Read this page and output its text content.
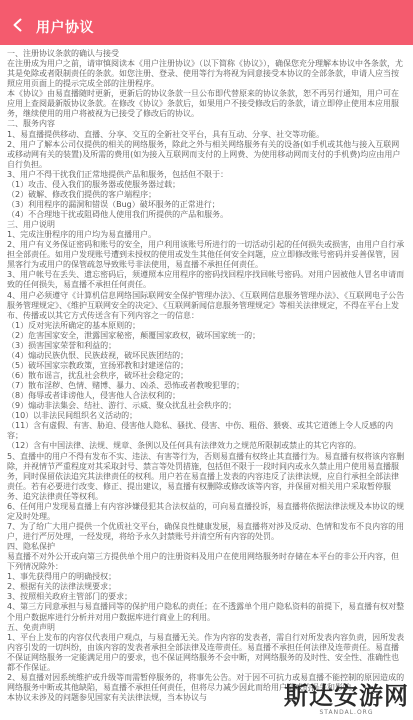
用户协议

一、注册协议条款的确认与接受

在注册成为用户之前，请审慎阅读本《用户注册协议》（以下简称《协议》），确保您充分理解本协议中各条款，尤其是免除或者限制责任的条款。如您注册、登录、使用等行为将视为同意接受本协议的全部条款，申请人应当按照应用页面上的提示完成全部的注册程序。

本《协议》由易直播随时更新，更新后的协议条款一旦公布即代替原来的协议条款，恕不再另行通知，用户可在应用上查阅最新版协议条款。在修改《协议》条款后，如果用户不接受修改后的条款，请立即停止使用本应用服务，继续使用的用户将被视为已接受了修改后的协议。

二、服务内容

1、易直播提供移动、直播、分享、交互的全新社交平台，具有互动、分享、社交等功能。

2、用户了解本公司仅提供的相关的网络服务，除此之外与相关网络服务有关的设备(如手机或其他与接入互联网或移动网有关的装置)及所需的费用(如为接入互联网而支付的上网费、为使用移动网而支付的手机费)均应由用户自行负担。

3、用户不得干扰我们正常地提供产品和服务，包括但不限于：

（1）攻击、侵入我们的服务器或使服务器过载；

（2）破解、修改我们提供的客户端程序；

（3）利用程序的漏洞和错误（Bug）破坏服务的正常进行；

（4）不合理地干扰或阻碍他人使用我们所提供的产品和服务。

三、用户说明

1、完成注册程序的用户均为易直播用户。

2、用户有义务保证密码和账号的安全，用户利用该账号所进行的一切活动引起的任何损失或损害，由用户自行承担全部责任。如用户发现账号遭到未授权的使用或发生其他任何安全问题，应立即修改账号密码并妥善保管，因黑客行为或用户的保管疏忽导致账号非法使用，易直播不承担任何责任。

3、用户帐号在丢失、遗忘密码后，须遵照本应用程序的密码找回程序找回帐号密码。对用户因被他人冒名申请而致的任何损失，易直播不承担任何责任。

4、用户必须遵守《计算机信息网络国际联网安全保护管理办法》、《互联网信息服务管理办法》、《互联网电子公告服务管理规定》、《维护互联网安全的决定》、《互联网新闻信息服务管理规定》等相关法律规定，不得在平台上发布、传播或以其它方式传送含有下列内容之一的信息：

（1）反对宪法所确定的基本原则的；

（2）危害国家安全，泄露国家秘密，颠覆国家政权，破坏国家统一的；

（3）损害国家荣誉和利益的；

（4）煽动民族仇恨、民族歧视，破坏民族团结的；

（5）破坏国家宗教政策，宣扬邪教和封建迷信的；

（6）散布谣言，扰乱社会秩序，破坏社会稳定的；

（7）散布淫秽、色情、赌博、暴力、凶杀、恐怖或者教唆犯罪的；

（8）侮辱或者诽谤他人，侵害他人合法权利的；

（9）煽动非法集会、结社、游行、示威、聚众扰乱社会秩序的；

（10）以非法民间组织名义活动的；

（11）含有虚假、有害、胁迫、侵害他人隐私、骚扰、侵害、中伤、粗俗、猥亵、或其它道德上令人反感的内容；

（12）含有中国法律、法规、规章、条例以及任何具有法律效力之规范所限制或禁止的其它内容的。

5、直播中的用户不得有发布不实、违法、有害等行为，否则易直播有权终止其直播行为。易直播有权将该内容删除，并视情节严重程度对其采取封号、禁言等处罚措施，包括但不限于一段时间内或永久禁止用户使用易直播服务，同时保留依法追究其法律责任的权利。用户若在易直播上发表的内容违反了法律法规，应自行承担全部法律责任。若有必要进行改变、修正、提出建议，易直播有权删除或修改该等内容，并保留对相关用户采取暂停服务、追究法律责任等权利。

6、任何用户发现易直播上有内容涉嫌侵犯其合法权益的，可向易直播投诉，易直播将依据法律法规及本协议的规定及时处理。

7、为了给广大用户提供一个优质社交平台，确保良性健康发展，易直播将对涉及反动、色情和发布不良内容的用户，进行严厉处理，一经发现，将给予永久封禁账号并清空所有内容的处罚。

四、隐私保护

易直播不对外公开或向第三方提供单个用户的注册资料及用户在使用网络服务时存储在本平台的非公开内容，但下列情况除外：

1、事先获得用户的明确授权；

2、根据有关的法律法规要求；

3、按照相关政府主管部门的要求；

4、第三方同意承担与易直播同等的保护用户隐私的责任；在不透露单个用户隐私资料的前提下，易直播有权对整个用户数据库进行分析并对用户数据库进行商业上的利用。

五、免责声明

1、平台上发布的内容仅代表用户观点，与易直播无关。作为内容的发表者，需自行对所发表内容负责，因所发表内容引发的一切纠纷，由该内容的发表者承担全部法律及连带责任。易直播不承担任何法律及连带责任。易直播不保证网络服务一定能满足用户的要求，也不保证网络服务不会中断，对网络服务的及时性、安全性、准确性也都不作保证。

2、易直播对因系统维护或升级等而需暂停服务的，将事先公告。对于因不可抗力或易直播不能控制的原因造成的网络服务中断或其他缺陷，易直播不承担任何责任，但将尽力减少因此而给用户造成的损失和影响。

本协议未涉及的问题参见国家有关法律法规，当本协议与	斯达安游网
STANDAL.ORG
